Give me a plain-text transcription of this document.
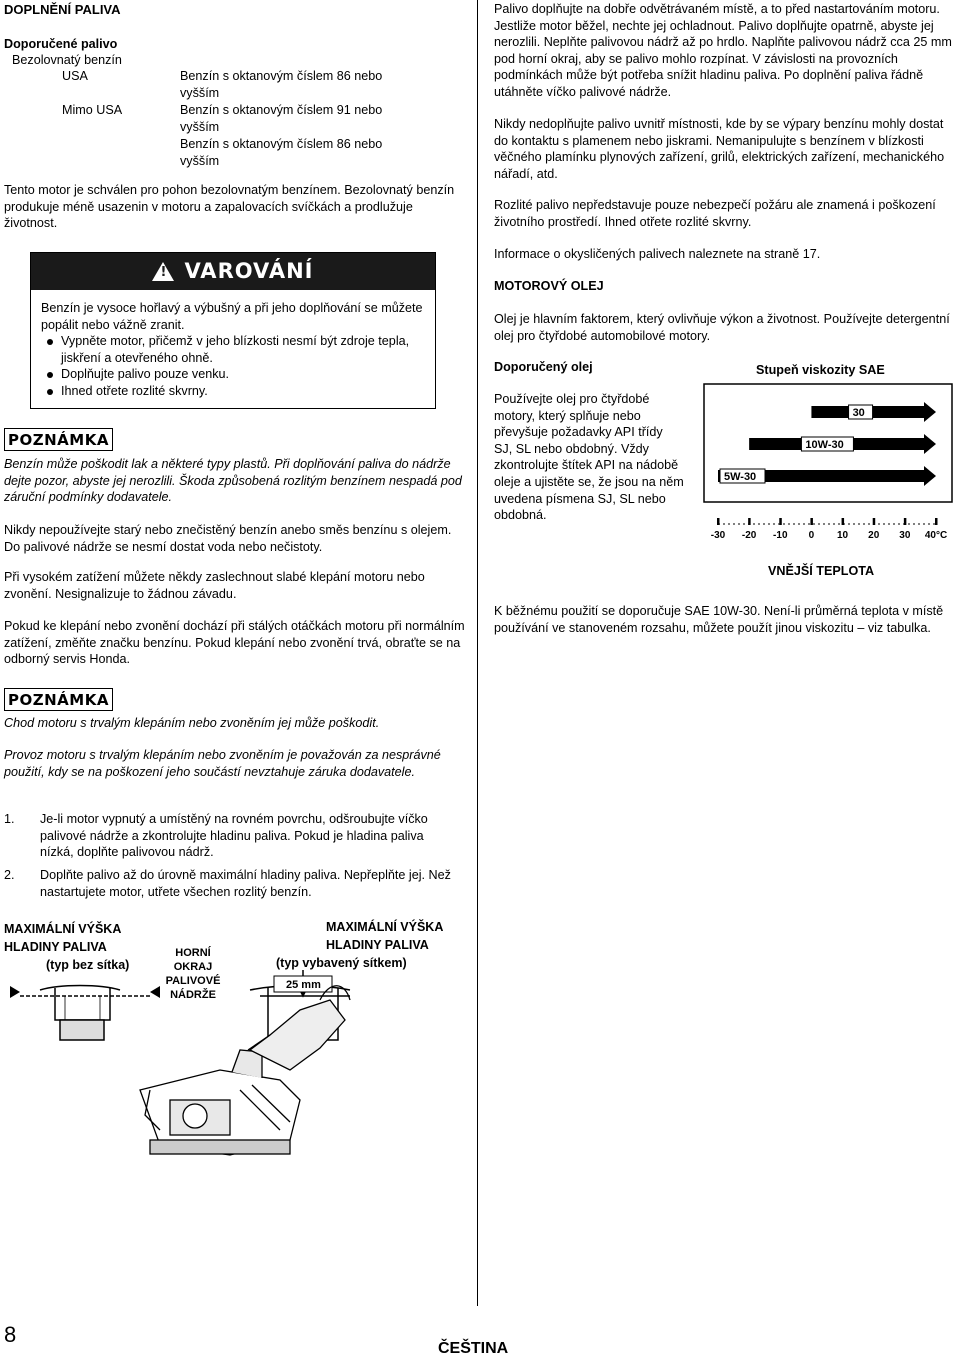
DOPLNĚNÍ PALIVA
Doporučené palivo
Bezolovnatý benzín
USA	Benzín s oktanovým číslem 86 nebo
vyšším
Mimo USA	Benzín s oktanovým číslem 91 nebo
vyšším
Benzín s oktanovým číslem 86 nebo
vyšším

Tento motor je schválen pro pohon bezolovnatým benzínem. Bezolovnatý benzín produkuje méně usazenin v motoru a zapalovacích svíčkách a prodlužuje životnost.

! VAROVÁNÍ

Benzín je vysoce hořlavý a výbušný a při jeho doplňování se můžete popálit nebo vážně zranit.

Vypněte motor, přičemž v jeho blízkosti nesmí být zdroje tepla, jiskření a otevřeného ohně.
Doplňujte palivo pouze venku.
Ihned otřete rozlité skvrny.
POZNÁMKA

Benzín může poškodit lak a některé typy plastů. Při doplňování paliva do nádrže dejte pozor, abyste jej nerozlili. Škoda způsobená rozlitým benzínem nespadá pod záruční podmínky dodavatele.

Nikdy nepoužívejte starý nebo znečistěný benzín anebo směs benzínu s olejem. Do palivové nádrže se nesmí dostat voda nebo nečistoty.

Při vysokém zatížení můžete někdy zaslechnout slabé klepání motoru nebo zvonění. Nesignalizuje to žádnou závadu.

Pokud ke klepání nebo zvonění dochází při stálých otáčkách motoru při normálním zatížení, změňte značku benzínu. Pokud klepání nebo zvonění trvá, obraťte se na odborný servis Honda.

POZNÁMKA

Chod motoru s trvalým klepáním nebo zvoněním jej může poškodit.

Provoz motoru s trvalým klepáním nebo zvoněním je považován za nesprávné použití, kdy se na poškození jeho součástí nevztahuje záruka dodavatele.

1. Je-li motor vypnutý a umístěný na rovném povrchu, odšroubujte víčko palivové nádrže a zkontrolujte hladinu paliva. Pokud je hladina paliva nízká, doplňte palivovou nádrž.

2. Doplňte palivo až do úrovně maximální hladiny paliva. Nepřeplňte jej. Než nastartujete motor, utřete všechen rozlitý benzín.

MAXIMÁLNÍ VÝŠKA
HLADINY PALIVA
(typ bez sítka)
HORNÍ
OKRAJ
PALIVOVÉ
NÁDRŽE
MAXIMÁLNÍ VÝŠKA
HLADINY PALIVA
(typ vybavený sítkem)
25 mm

Palivo doplňujte na dobře odvětrávaném místě, a to před nastartováním motoru. Jestliže motor běžel, nechte jej ochladnout. Palivo doplňujte opatrně, abyste jej nerozlili. Neplňte palivovou nádrž až po hrdlo. Naplňte palivovou nádrž cca 25 mm pod horní okraj, aby se palivo mohlo rozpínat. V závislosti na provozních podmínkách může být potřeba snížit hladinu paliva. Po doplnění paliva řádně utáhněte víčko palivové nádrže.

Nikdy nedoplňujte palivo uvnitř místnosti, kde by se výpary benzínu mohly dostat do kontaktu s plamenem nebo jiskrami. Nemanipulujte s benzínem v blízkosti věčného plamínku plynových zařízení, grilů, elektrických zařízení, mechanického nářadí, atd.

Rozlité palivo nepředstavuje pouze nebezpečí požáru ale znamená i poškození životního prostředí. Ihned otřete rozlité skvrny.

Informace o okysličených palivech naleznete na straně 17.

MOTOROVÝ OLEJ

Olej je hlavním faktorem, který ovlivňuje výkon a životnost. Používejte detergentní olej pro čtyřdobé automobilové motory.

Doporučený olej

Používejte olej pro čtyřdobé motory, který splňuje nebo převyšuje požadavky API třídy SJ, SL nebo obdobný. Vždy zkontrolujte štítek API na nádobě oleje a ujistěte se, že jsou na něm uvedena písmena SJ, SL nebo obdobná.

Stupeň viskozity SAE
30
10W-30
5W-30
-30 -20 -10 0 10 20 30 40°C
VNĚJŠÍ TEPLOTA

K běžnému použití se doporučuje SAE 10W-30. Není-li průměrná teplota v místě používání ve stanoveném rozsahu, můžete použít jinou viskozitu – viz tabulka.

8
ČEŠTINA
